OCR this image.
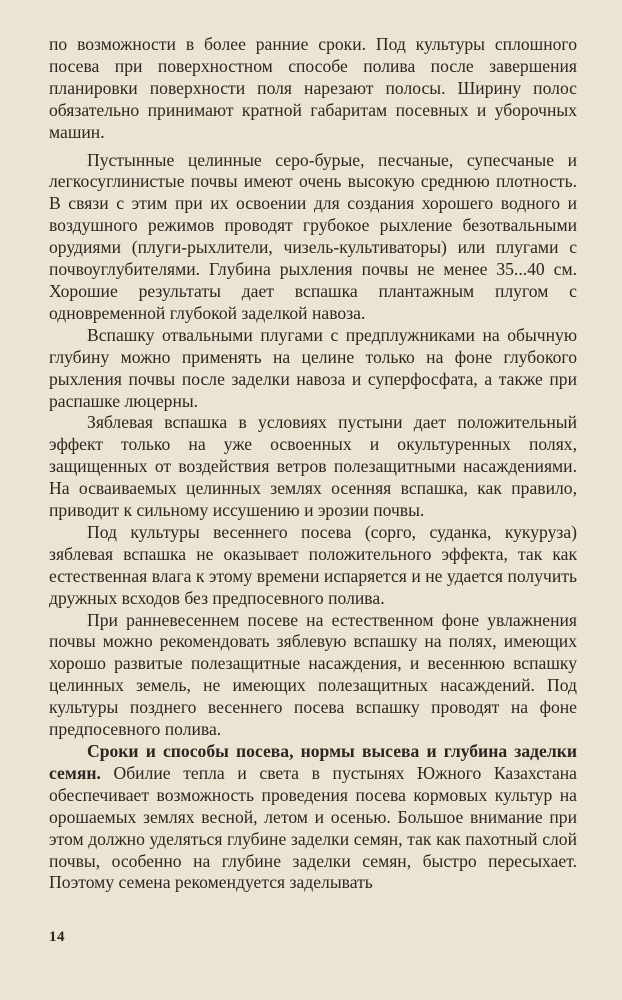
по возможности в более ранние сроки. Под культуры сплошного посева при поверхностном способе полива после завершения планировки поверхности поля нарезают полосы. Ширину полос обязательно принимают кратной габаритам посевных и уборочных машин.

Пустынные целинные серо-бурые, песчаные, супесчаные и легкосуглинистые почвы имеют очень высокую среднюю плотность. В связи с этим при их освоении для создания хорошего водного и воздушного режимов проводят грубокое рыхление безотвальными орудиями (плуги-рыхлители, чизель-культиваторы) или плугами с почвоуглубителями. Глубина рыхления почвы не менее 35...40 см. Хорошие результаты дает вспашка плантажным плугом с одновременной глубокой заделкой навоза.

Вспашку отвальными плугами с предплужниками на обычную глубину можно применять на целине только на фоне глубокого рыхления почвы после заделки навоза и суперфосфата, а также при распашке люцерны.

Зяблевая вспашка в условиях пустыни дает положительный эффект только на уже освоенных и окультуренных полях, защищенных от воздействия ветров полезащитными насаждениями. На осваиваемых целинных землях осенняя вспашка, как правило, приводит к сильному иссушению и эрозии почвы.

Под культуры весеннего посева (сорго, суданка, кукуруза) зяблевая вспашка не оказывает положительного эффекта, так как естественная влага к этому времени испаряется и не удается получить дружных всходов без предпосевного полива.

При ранневесеннем посеве на естественном фоне увлажнения почвы можно рекомендовать зяблевую вспашку на полях, имеющих хорошо развитые полезащитные насаждения, и весеннюю вспашку целинных земель, не имеющих полезащитных насаждений. Под культуры позднего весеннего посева вспашку проводят на фоне предпосевного полива.

Сроки и способы посева, нормы высева и глубина заделки семян. Обилие тепла и света в пустынях Южного Казахстана обеспечивает возможность проведения посева кормовых культур на орошаемых землях весной, летом и осенью. Большое внимание при этом должно уделяться глубине заделки семян, так как пахотный слой почвы, особенно на глубине заделки семян, быстро пересыхает. Поэтому семена рекомендуется заделывать

14
